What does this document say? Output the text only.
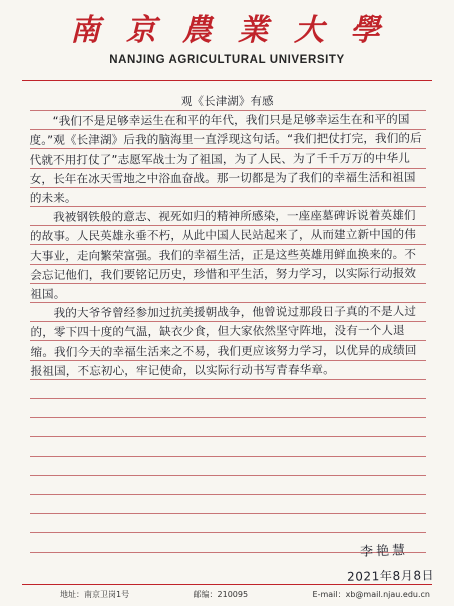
南京農業大學
NANJING AGRICULTURAL UNIVERSITY

观《长津湖》有感

“我们不是足够幸运生在和平的年代，我们只是足够幸运生在和平的国度。”观《长津湖》后我的脑海里一直浮现这句话。“我们把仗打完，我们的后代就不用打仗了”志愿军战士为了祖国，为了人民、为了千千万万的中华儿女，长年在冰天雪地之中浴血奋战。那一切都是为了我们的幸福生活和祖国的未来。

我被钢铁般的意志、视死如归的精神所感染，一座座墓碑诉说着英雄们的故事。人民英雄永垂不朽，从此中国人民站起来了，从而建立新中国的伟大事业，走向繁荣富强。我们的幸福生活，正是这些英雄用鲜血换来的。不会忘记他们，我们要铭记历史，珍惜和平生活，努力学习，以实际行动报效祖国。

我的大爷爷曾经参加过抗美援朝战争，他曾说过那段日子真的不是人过的，零下四十度的气温，缺衣少食，但大家依然坚守阵地，没有一个人退缩。我们今天的幸福生活来之不易，我们更应该努力学习，以优异的成绩回报祖国，不忘初心，牢记使命，以实际行动书写青春华章。

李艳慧
2021年8月8日
地址：南京卫岗1号	邮编：210095	E-mail：xb@mail.njau.edu.cn
